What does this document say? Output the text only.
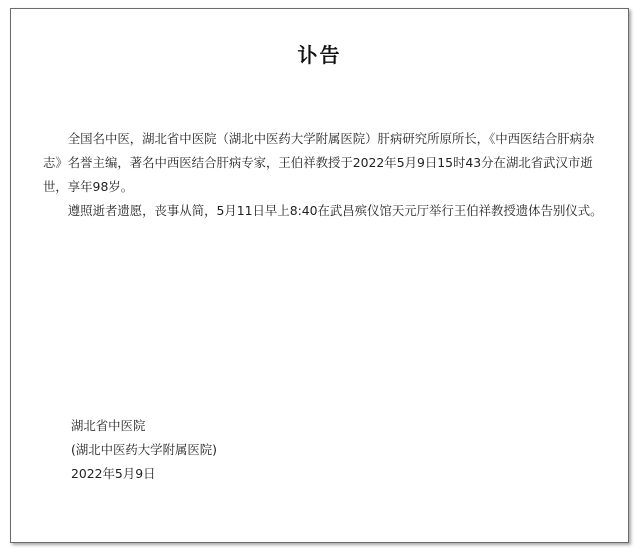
讣告

全国名中医，湖北省中医院（湖北中医药大学附属医院）肝病研究所原所长，《中西医结合肝病杂志》名誉主编，著名中西医结合肝病专家，王伯祥教授于2022年5月9日15时43分在湖北省武汉市逝世，享年98岁。

遵照逝者遗愿，丧事从简，5月11日早上8:40在武昌殡仪馆天元厅举行王伯祥教授遗体告别仪式。

湖北省中医院
(湖北中医药大学附属医院)
2022年5月9日
